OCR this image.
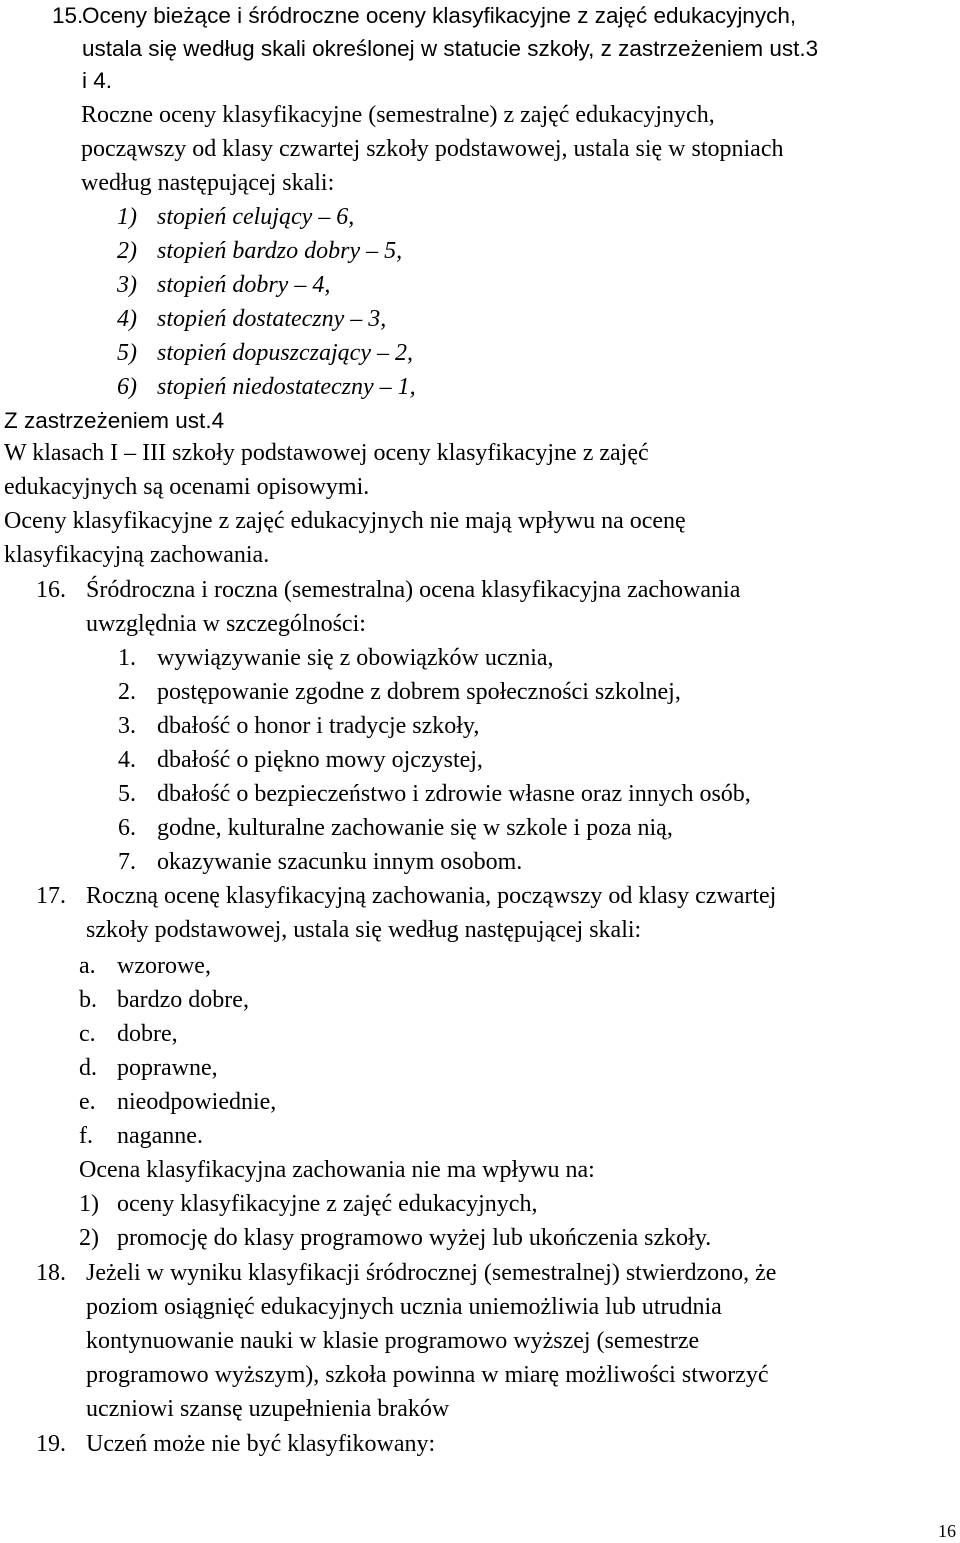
15.
Oceny bieżące i śródroczne oceny klasyfikacyjne z zajęć edukacyjnych,
ustala się według skali określonej w statucie szkoły, z zastrzeżeniem ust.3
i 4.
Roczne oceny klasyfikacyjne (semestralne) z zajęć edukacyjnych,
począwszy od klasy czwartej szkoły podstawowej, ustala się w stopniach
według następującej skali:
1) stopień celujący – 6,
2) stopień bardzo dobry – 5,
3) stopień dobry – 4,
4) stopień dostateczny – 3,
5) stopień dopuszczający – 2,
6) stopień niedostateczny – 1,
Z zastrzeżeniem ust.4
W klasach I – III szkoły podstawowej oceny klasyfikacyjne z zajęć
edukacyjnych są ocenami opisowymi.
Oceny klasyfikacyjne z zajęć edukacyjnych nie mają wpływu na ocenę
klasyfikacyjną zachowania.
16. Śródroczna i roczna (semestralna) ocena klasyfikacyjna zachowania
uwzględnia w szczególności:
1. wywiązywanie się z obowiązków ucznia,
2. postępowanie zgodne z dobrem społeczności szkolnej,
3. dbałość o honor i tradycje szkoły,
4. dbałość o piękno mowy ojczystej,
5. dbałość o bezpieczeństwo i zdrowie własne oraz innych osób,
6. godne, kulturalne zachowanie się w szkole i poza nią,
7. okazywanie szacunku innym osobom.
17. Roczną ocenę klasyfikacyjną zachowania, począwszy od klasy czwartej
szkoły podstawowej, ustala się według następującej skali:
a. wzorowe,
b. bardzo dobre,
c. dobre,
d. poprawne,
e. nieodpowiednie,
f. naganne.
Ocena klasyfikacyjna zachowania nie ma wpływu na:
1) oceny klasyfikacyjne z zajęć edukacyjnych,
2) promocję do klasy programowo wyżej lub ukończenia szkoły.
18. Jeżeli w wyniku klasyfikacji śródrocznej (semestralnej) stwierdzono, że
poziom osiągnięć edukacyjnych ucznia uniemożliwia lub utrudnia
kontynuowanie nauki w klasie programowo wyższej (semestrze
programowo wyższym), szkoła powinna w miarę możliwości stworzyć
uczniowi szansę uzupełnienia braków
19. Uczeń może nie być klasyfikowany:
16
